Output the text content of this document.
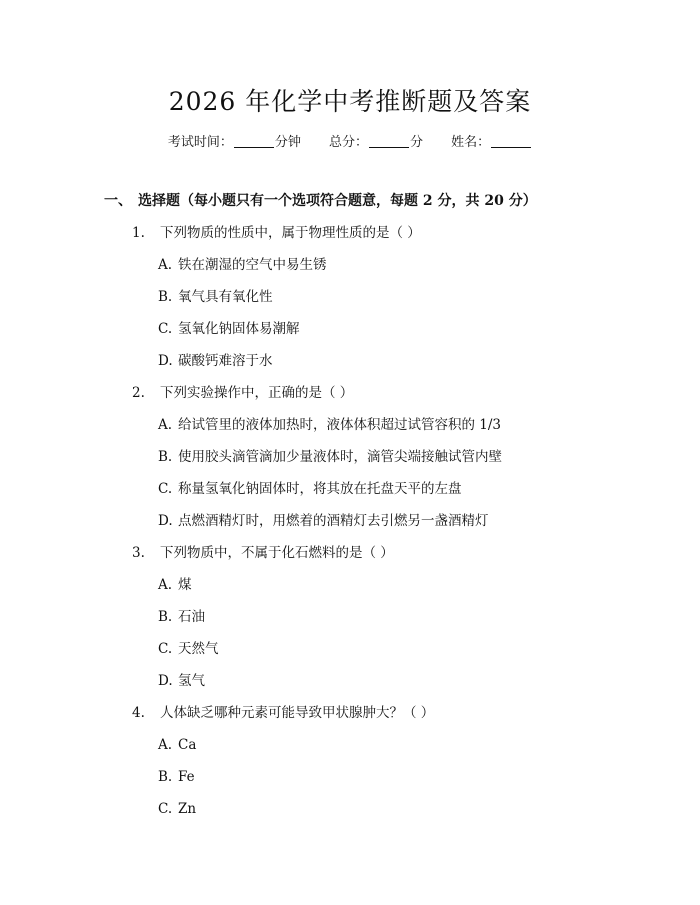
2026 年化学中考推断题及答案
考试时间：	分钟 总分：	分 姓名：
一、 选择题（每小题只有一个选项符合题意，每题 2 分，共 20 分）
1. 下列物质的性质中，属于物理性质的是（ ）
A. 铁在潮湿的空气中易生锈
B. 氧气具有氧化性
C. 氢氧化钠固体易潮解
D. 碳酸钙难溶于水
2. 下列实验操作中，正确的是（ ）
A. 给试管里的液体加热时，液体体积超过试管容积的 1/3
B. 使用胶头滴管滴加少量液体时，滴管尖端接触试管内壁
C. 称量氢氧化钠固体时，将其放在托盘天平的左盘
D. 点燃酒精灯时，用燃着的酒精灯去引燃另一盏酒精灯
3. 下列物质中，不属于化石燃料的是（ ）
A. 煤
B. 石油
C. 天然气
D. 氢气
4. 人体缺乏哪种元素可能导致甲状腺肿大？（ ）
A. Ca
B. Fe
C. Zn
